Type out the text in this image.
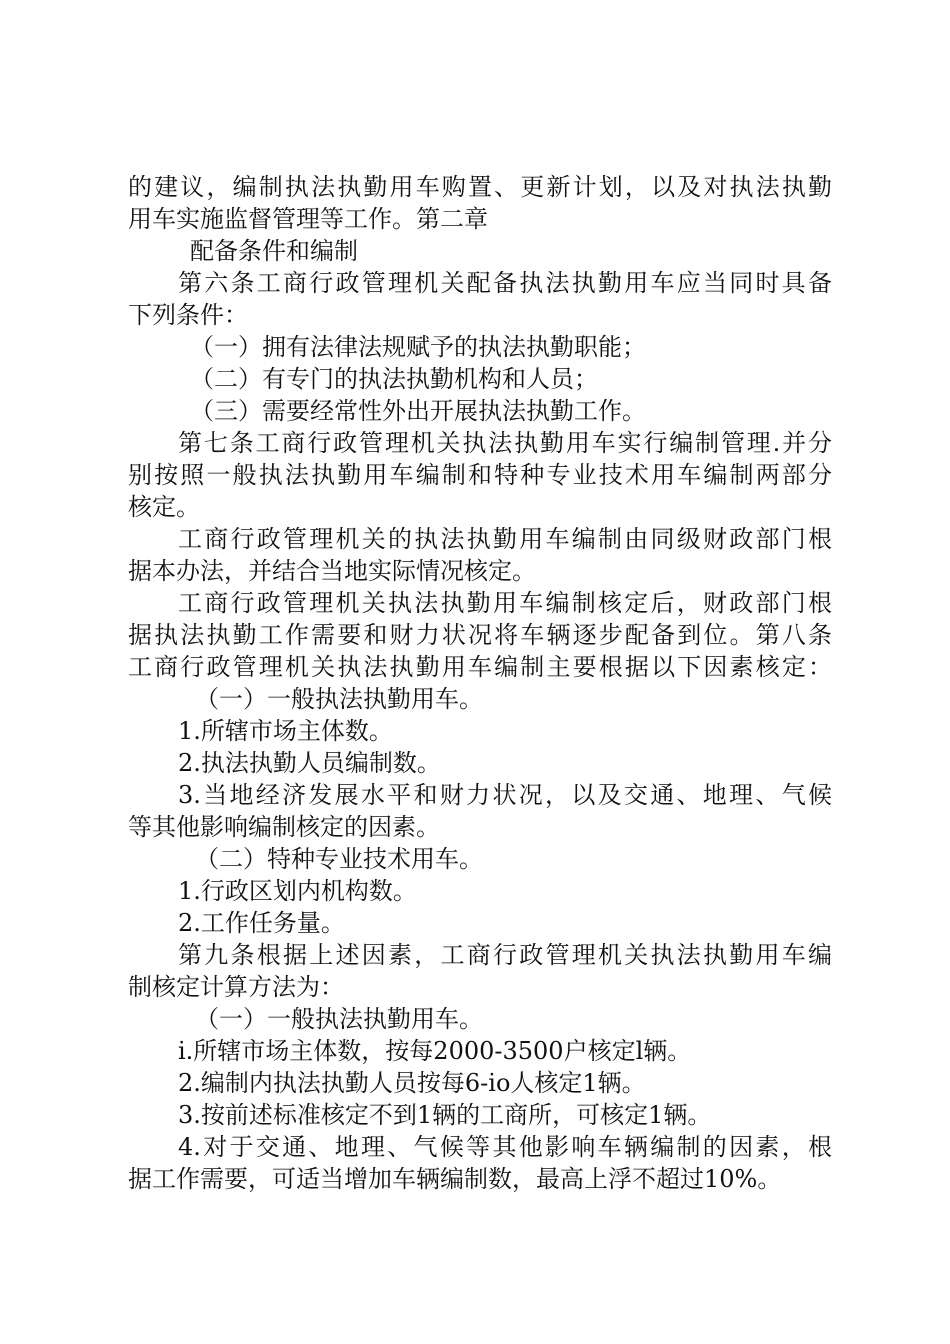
的建议，编制执法执勤用车购置、更新计划，以及对执法执勤
用车实施监督管理等工作。第二章
配备条件和编制
第六条工商行政管理机关配备执法执勤用车应当同时具备
下列条件：
（一）拥有法律法规赋予的执法执勤职能；
（二）有专门的执法执勤机构和人员；
（三）需要经常性外出开展执法执勤工作。
第七条工商行政管理机关执法执勤用车实行编制管理.并分
别按照一般执法执勤用车编制和特种专业技术用车编制两部分
核定。
工商行政管理机关的执法执勤用车编制由同级财政部门根
据本办法，并结合当地实际情况核定。
工商行政管理机关执法执勤用车编制核定后，财政部门根
据执法执勤工作需要和财力状况将车辆逐步配备到位。第八条
工商行政管理机关执法执勤用车编制主要根据以下因素核定：
（一）一般执法执勤用车。
1.所辖市场主体数。
2.执法执勤人员编制数。
3.当地经济发展水平和财力状况，以及交通、地理、气候
等其他影响编制核定的因素。
（二）特种专业技术用车。
1.行政区划内机构数。
2.工作任务量。
第九条根据上述因素，工商行政管理机关执法执勤用车编
制核定计算方法为：
（一）一般执法执勤用车。
i.所辖市场主体数，按每2000-3500户核定l辆。
2.编制内执法执勤人员按每6-io人核定1辆。
3.按前述标准核定不到1辆的工商所，可核定1辆。
4.对于交通、地理、气候等其他影响车辆编制的因素，根
据工作需要，可适当增加车辆编制数，最高上浮不超过10%。
